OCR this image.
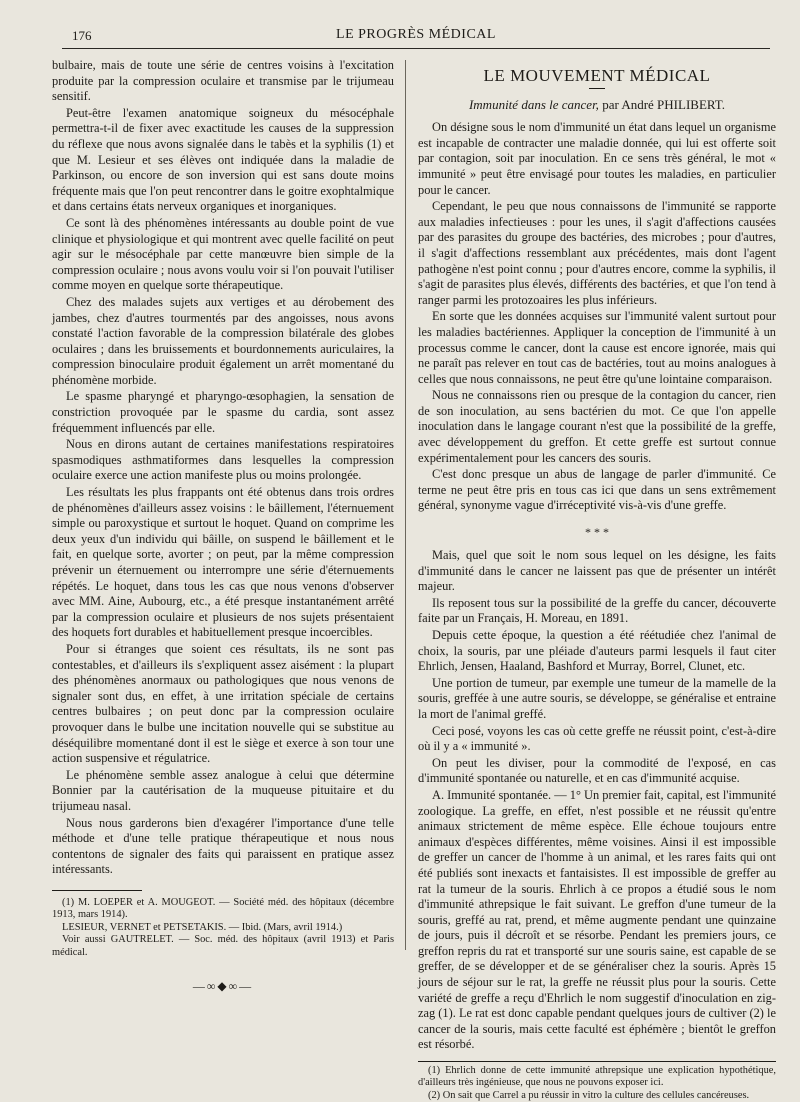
176	LE PROGRÈS MÉDICAL

bulbaire, mais de toute une série de centres voisins à l'excitation produite par la compression oculaire et transmise par le trijumeau sensitif.

Peut-être l'examen anatomique soigneux du mésocéphale permettra-t-il de fixer avec exactitude les causes de la suppression du réflexe que nous avons signalée dans le tabès et la syphilis (1) et que M. Lesieur et ses élèves ont indiquée dans la maladie de Parkinson, ou encore de son inversion qui est sans doute moins fréquente mais que l'on peut rencontrer dans le goitre exophtalmique et dans certains états nerveux organiques et inorganiques.

Ce sont là des phénomènes intéressants au double point de vue clinique et physiologique et qui montrent avec quelle facilité on peut agir sur le mésocéphale par cette manœuvre bien simple de la compression oculaire ; nous avons voulu voir si l'on pouvait l'utiliser comme moyen en quelque sorte thérapeutique.

Chez des malades sujets aux vertiges et au dérobement des jambes, chez d'autres tourmentés par des angoisses, nous avons constaté l'action favorable de la compression bilatérale des globes oculaires ; dans les bruissements et bourdonnements auriculaires, la compression binoculaire produit également un arrêt momentané du phénomène morbide.

Le spasme pharyngé et pharyngo-œsophagien, la sensation de constriction provoquée par le spasme du cardia, sont assez fréquemment influencés par elle.

Nous en dirons autant de certaines manifestations respiratoires spasmodiques asthmatiformes dans lesquelles la compression oculaire exerce une action manifeste plus ou moins prolongée.

Les résultats les plus frappants ont été obtenus dans trois ordres de phénomènes d'ailleurs assez voisins : le bâillement, l'éternuement simple ou paroxystique et surtout le hoquet. Quand on comprime les deux yeux d'un individu qui bâille, on suspend le bâillement et le fait, en quelque sorte, avorter ; on peut, par la même compression prévenir un éternuement ou interrompre une série d'éternuements répétés. Le hoquet, dans tous les cas que nous venons d'observer avec MM. Aine, Aubourg, etc., a été presque instantanément arrêté par la compression oculaire et plusieurs de nos sujets présentaient des hoquets fort durables et habituellement presque incoercibles.

Pour si étranges que soient ces résultats, ils ne sont pas contestables, et d'ailleurs ils s'expliquent assez aisément : la plupart des phénomènes anormaux ou pathologiques que nous venons de signaler sont dus, en effet, à une irritation spéciale de certains centres bulbaires ; on peut donc par la compression oculaire provoquer dans le bulbe une incitation nouvelle qui se substitue au déséquilibre momentané dont il est le siège et exerce à son tour une action suspensive et régulatrice.

Le phénomène semble assez analogue à celui que détermine Bonnier par la cautérisation de la muqueuse pituitaire et du trijumeau nasal.

Nous nous garderons bien d'exagérer l'importance d'une telle méthode et d'une telle pratique thérapeutique et nous nous contentons de signaler des faits qui paraissent en pratique assez intéressants.

(1) M. LOEPER et A. MOUGEOT. — Société méd. des hôpitaux (décembre 1913, mars 1914).

LESIEUR, VERNET et PETSETAKIS. — Ibid. (Mars, avril 1914.)

Voir aussi GAUTRELET. — Soc. méd. des hôpitaux (avril 1913) et Paris médical.

—∞◆∞—
LE MOUVEMENT MÉDICAL
Immunité dans le cancer, par André PHILIBERT.

On désigne sous le nom d'immunité un état dans lequel un organisme est incapable de contracter une maladie donnée, qui lui est offerte soit par contagion, soit par inoculation. En ce sens très général, le mot « immunité » peut être envisagé pour toutes les maladies, en particulier pour le cancer.

Cependant, le peu que nous connaissons de l'immunité se rapporte aux maladies infectieuses : pour les unes, il s'agit d'affections causées par des parasites du groupe des bactéries, des microbes ; pour d'autres, il s'agit d'affections ressemblant aux précédentes, mais dont l'agent pathogène n'est point connu ; pour d'autres encore, comme la syphilis, il s'agit de parasites plus élevés, différents des bactéries, et que l'on tend à ranger parmi les protozoaires les plus inférieurs.

En sorte que les données acquises sur l'immunité valent surtout pour les maladies bactériennes. Appliquer la conception de l'immunité à un processus comme le cancer, dont la cause est encore ignorée, mais qui ne paraît pas relever en tout cas de bactéries, tout au moins analogues à celles que nous connaissons, ne peut être qu'une lointaine comparaison.

Nous ne connaissons rien ou presque de la contagion du cancer, rien de son inoculation, au sens bactérien du mot. Ce que l'on appelle inoculation dans le langage courant n'est que la possibilité de la greffe, avec développement du greffon. Et cette greffe est surtout connue expérimentalement pour les cancers des souris.

C'est donc presque un abus de langage de parler d'immunité. Ce terme ne peut être pris en tous cas ici que dans un sens extrêmement général, synonyme vague d'irréceptivité vis-à-vis d'une greffe.

* * *

Mais, quel que soit le nom sous lequel on les désigne, les faits d'immunité dans le cancer ne laissent pas que de présenter un intérêt majeur.

Ils reposent tous sur la possibilité de la greffe du cancer, découverte faite par un Français, H. Moreau, en 1891.

Depuis cette époque, la question a été réétudiée chez l'animal de choix, la souris, par une pléiade d'auteurs parmi lesquels il faut citer Ehrlich, Jensen, Haaland, Bashford et Murray, Borrel, Clunet, etc.

Une portion de tumeur, par exemple une tumeur de la mamelle de la souris, greffée à une autre souris, se développe, se généralise et entraine la mort de l'animal greffé.

Ceci posé, voyons les cas où cette greffe ne réussit point, c'est-à-dire où il y a « immunité ».

On peut les diviser, pour la commodité de l'exposé, en cas d'immunité spontanée ou naturelle, et en cas d'immunité acquise.

A. Immunité spontanée. — 1° Un premier fait, capital, est l'immunité zoologique. La greffe, en effet, n'est possible et ne réussit qu'entre animaux strictement de même espèce. Elle échoue toujours entre animaux d'espèces différentes, même voisines. Ainsi il est impossible de greffer un cancer de l'homme à un animal, et les rares faits qui ont été publiés sont inexacts et fantaisistes. Il est impossible de greffer au rat la tumeur de la souris. Ehrlich à ce propos a étudié sous le nom d'immunité athrepsique le fait suivant. Le greffon d'une tumeur de la souris, greffé au rat, prend, et même augmente pendant une quinzaine de jours, puis il décroît et se résorbe. Pendant les premiers jours, ce greffon repris du rat et transporté sur une souris saine, est capable de se greffer, de se développer et de se généraliser chez la souris. Après 15 jours de séjour sur le rat, la greffe ne réussit plus pour la souris. Cette variété de greffe a reçu d'Ehrlich le nom suggestif d'inoculation en zig-zag (1). Le rat est donc capable pendant quelques jours de cultiver (2) le cancer de la souris, mais cette faculté est éphémère ; bientôt le greffon est résorbé.

(1) Ehrlich donne de cette immunité athrepsique une explication hypothétique, d'ailleurs très ingénieuse, que nous ne pouvons exposer ici.

(2) On sait que Carrel a pu réussir in vitro la culture des cellules cancéreuses.
